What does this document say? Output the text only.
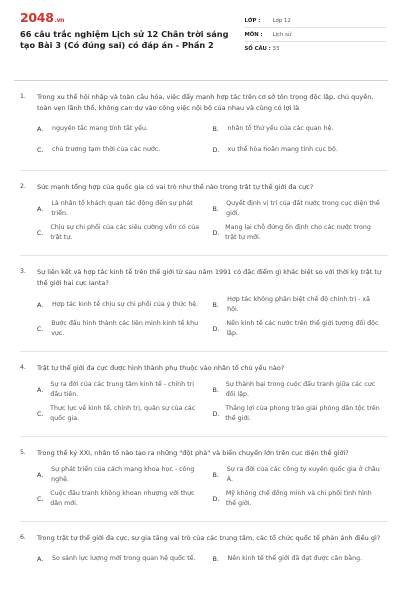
2048 .vn
66 câu trắc nghiệm Lịch sử 12 Chân trời sáng tạo Bài 3 (Có đúng sai) có đáp án - Phần 2
LỚP :	Lớp 12
MÔN :	Lịch sử
SỐ CÂU : 33
1.	Trong xu thế hội nhập và toàn cầu hóa, việc đẩy mạnh hợp tác trên cơ sở tôn trọng độc lập, chủ quyền, toàn vẹn lãnh thổ, không can dự vào công việc nội bộ của nhau và cùng có lợi là
A.	nguyên tắc mang tính tất yếu.	B.	nhân tố thứ yếu của các quan hệ.
C.	chủ trương tạm thời của các nước.	D.	xu thế hòa hoãn mang tính cục bộ.
2.	Sức mạnh tổng hợp của quốc gia có vai trò như thế nào trong trật tự thế giới đa cực?
A.
Là nhân tố khách quan tác động đến sự phát triển.
B.
Quyết định vị trí của đất nước trong cục diện thế giới.
C.
Chịu sự chi phối của các siêu cường vốn có của trật tự.
D.
Mang lại chỗ đứng ổn định cho các nước trong trật tự mới.
3.	Sự liên kết và hợp tác kinh tế trên thế giới từ sau năm 1991 có đặc điểm gì khác biệt so với thời kỳ trật tự thế giới hai cực Ianta?
A.	Hợp tác kinh tế chịu sự chi phối của ý thức hệ.	B.
Hợp tác không phân biệt chế độ chính trị - xã hội.
C.
Bước đầu hình thành các liên minh kinh tế khu vực.
D.
Nền kinh tế các nước trên thế giới tương đối độc lập.
4.	Trật tự thế giới đa cực được hình thành phụ thuộc vào nhân tố chủ yếu nào?
A.
Sự ra đời của các trung tâm kinh tế - chính trị đầu tiên.
B.
Sự thành bại trong cuộc đấu tranh giữa các cực đối lập.
C.
Thực lực về kinh tế, chính trị, quân sự của các quốc gia.
D.
Thắng lợi của phong trào giải phóng dân tộc trên thế giới.
5.	Trong thế kỷ XXI, nhân tố nào tạo ra những "đột phá" và biến chuyển lớn trên cục diện thế giới?
A.
Sự phát triển của cách mạng khoa học - công nghệ.
B.
Sự ra đời của các công ty xuyên quốc gia ở châu Á.
C.
Cuộc đấu tranh không khoan nhượng với thực dân mới.
D.
Mỹ không chế đồng minh và chi phối tình hình thế giới.
6.	Trong trật tự thế giới đa cực, sự gia tăng vai trò của các trung tâm, các tổ chức quốc tế phản ánh điều gì?
A.	So sánh lực lượng mới trong quan hệ quốc tế.	B.	Nền kinh tế thế giới đã đạt được cân bằng.
